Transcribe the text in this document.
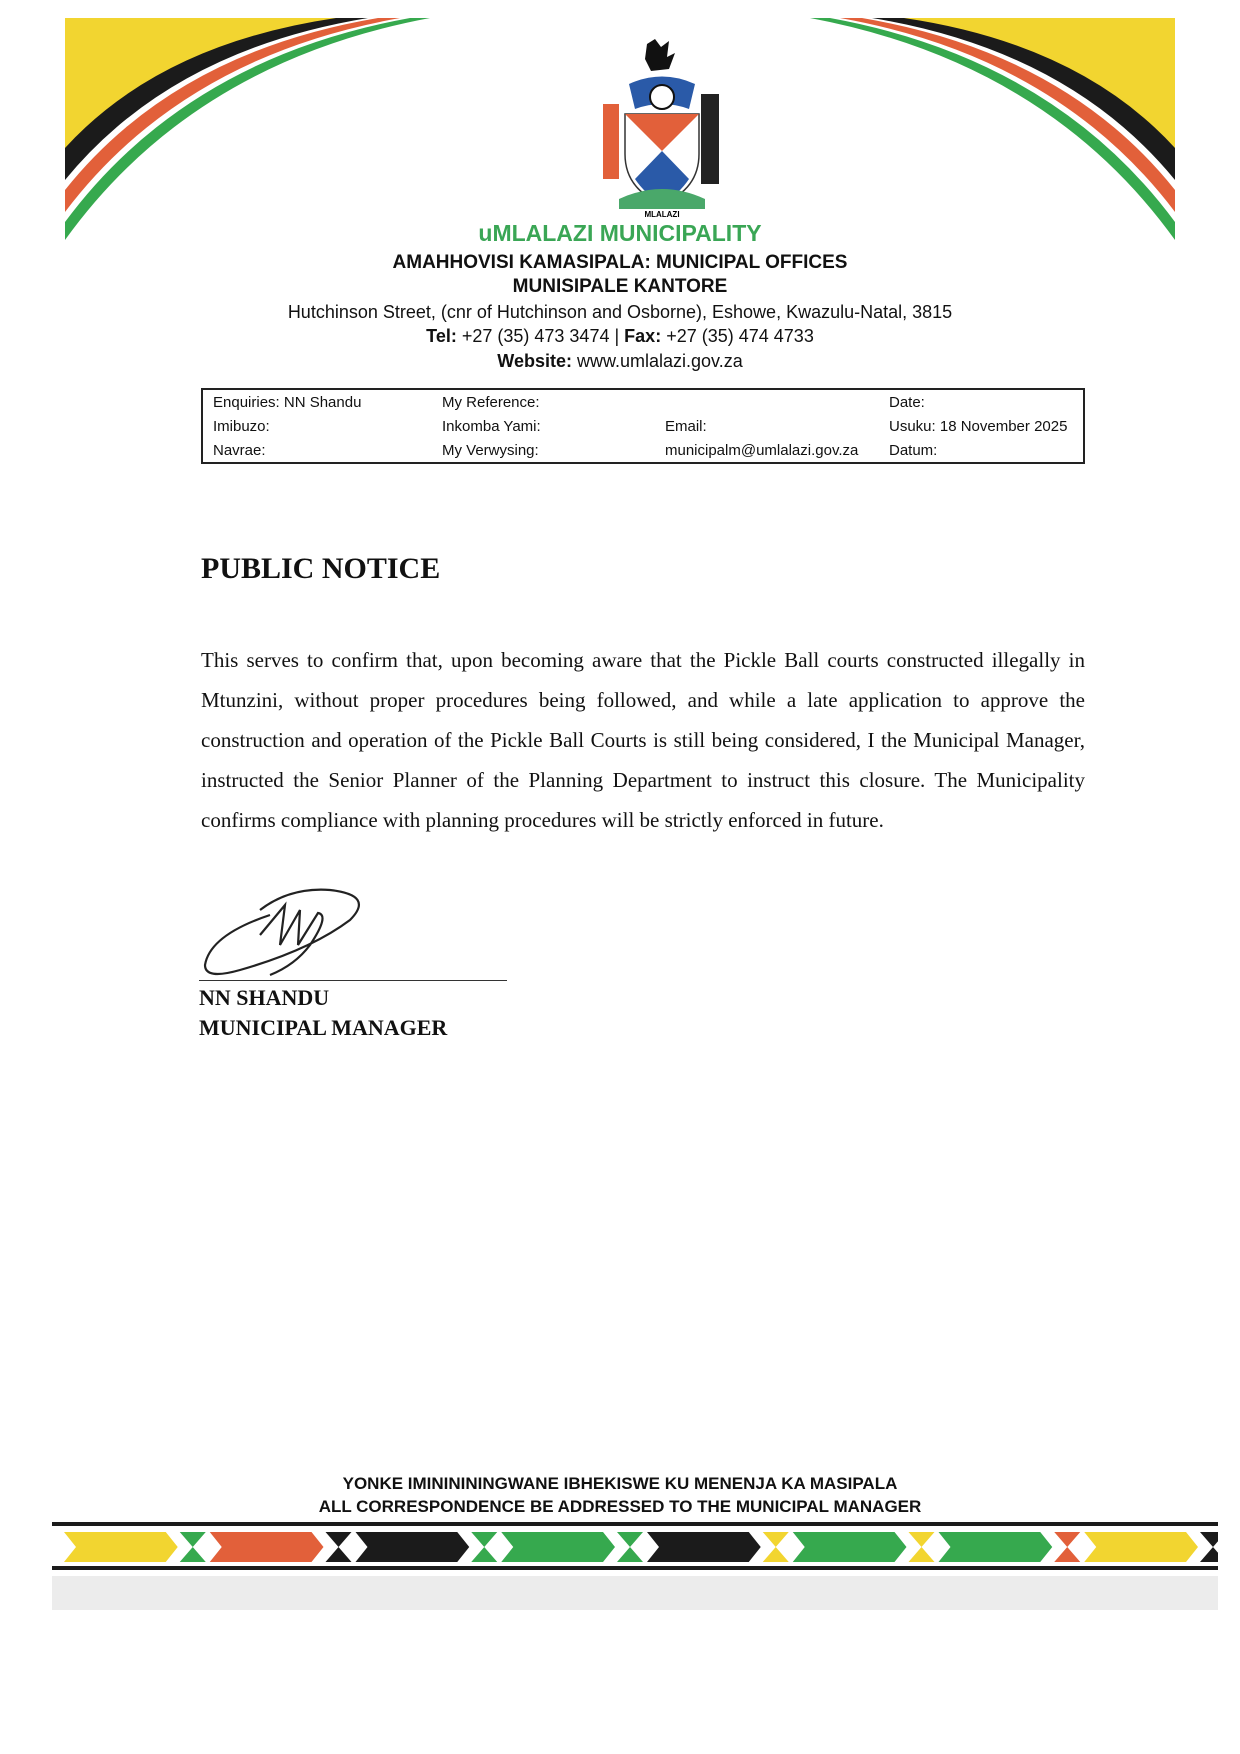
MLALAZI
uMLALAZI MUNICIPALITY
AMAHHOVISI KAMASIPALA: MUNICIPAL OFFICES
MUNISIPALE KANTORE
Hutchinson Street, (cnr of Hutchinson and Osborne), Eshowe, Kwazulu-Natal, 3815
Tel: +27 (35) 473 3474 | Fax: +27 (35) 474 4733
Website: www.umlalazi.gov.za
Enquiries: NN Shandu	My Reference:		Date:
Imibuzo:	Inkomba Yami:	Email:	Usuku: 18 November 2025
Navrae:	My Verwysing:	municipalm@umlalazi.gov.za	Datum:
PUBLIC NOTICE
This serves to confirm that, upon becoming aware that the Pickle Ball courts constructed illegally in Mtunzini, without proper procedures being followed, and while a late application to approve the construction and operation of the Pickle Ball Courts is still being considered, I the Municipal Manager, instructed the Senior Planner of the Planning Department to instruct this closure. The Municipality confirms compliance with planning procedures will be strictly enforced in future.
NN SHANDU
MUNICIPAL MANAGER
YONKE IMININININGWANE IBHEKISWE KU MENENJA KA MASIPALA
ALL CORRESPONDENCE BE ADDRESSED TO THE MUNICIPAL MANAGER
